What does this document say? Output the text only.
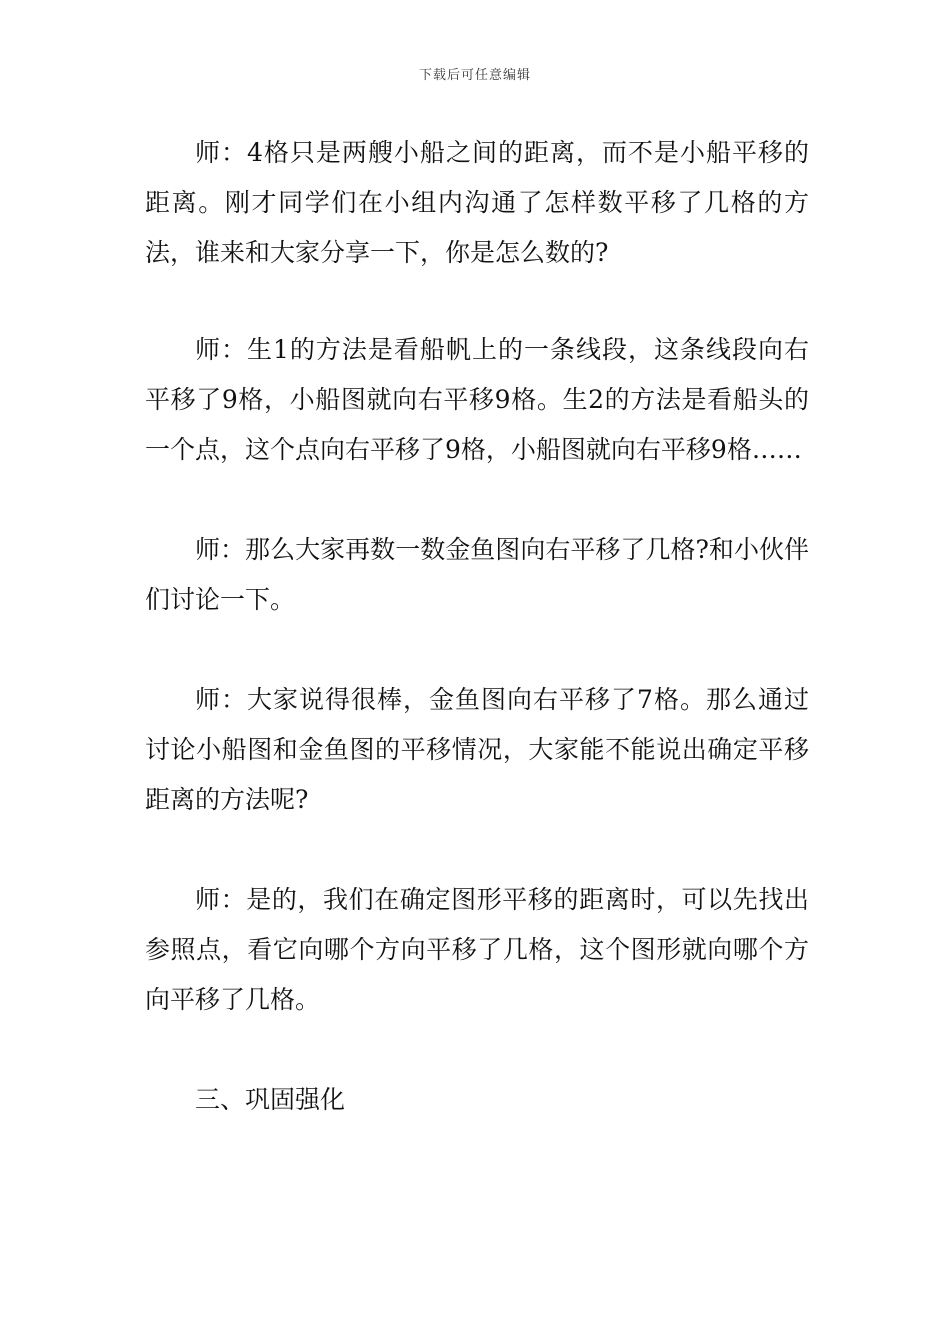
下载后可任意编辑

师：4格只是两艘小船之间的距离，而不是小船平移的距离。刚才同学们在小组内沟通了怎样数平移了几格的方法，谁来和大家分享一下，你是怎么数的?

师：生1的方法是看船帆上的一条线段，这条线段向右平移了9格，小船图就向右平移9格。生2的方法是看船头的一个点，这个点向右平移了9格，小船图就向右平移9格……

师：那么大家再数一数金鱼图向右平移了几格?和小伙伴们讨论一下。

师：大家说得很棒，金鱼图向右平移了7格。那么通过讨论小船图和金鱼图的平移情况，大家能不能说出确定平移距离的方法呢?

师：是的，我们在确定图形平移的距离时，可以先找出参照点，看它向哪个方向平移了几格，这个图形就向哪个方向平移了几格。

三、巩固强化
